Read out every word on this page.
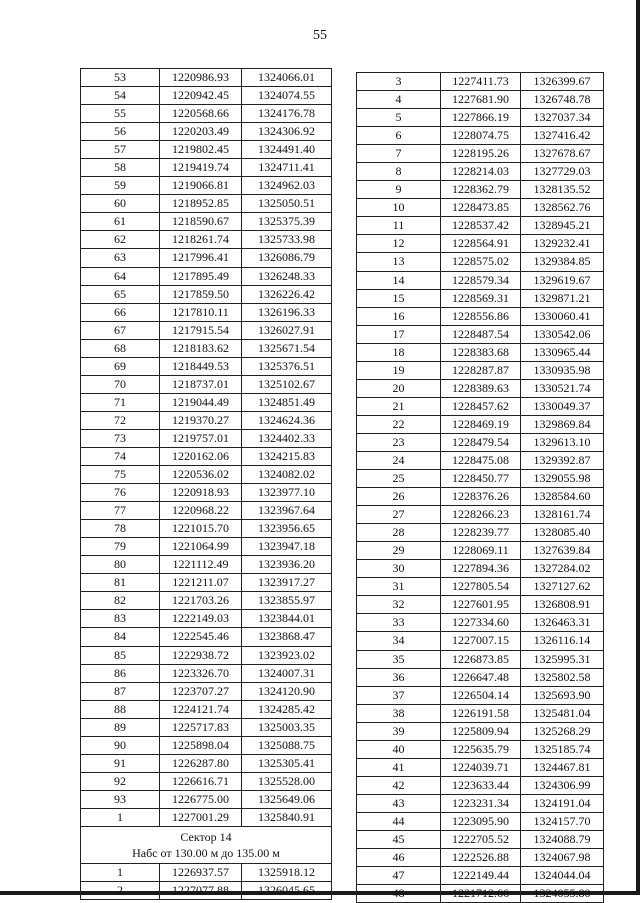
55
53	1220986.93	1324066.01
54	1220942.45	1324074.55
55	1220568.66	1324176.78
56	1220203.49	1324306.92
57	1219802.45	1324491.40
58	1219419.74	1324711.41
59	1219066.81	1324962.03
60	1218952.85	1325050.51
61	1218590.67	1325375.39
62	1218261.74	1325733.98
63	1217996.41	1326086.79
64	1217895.49	1326248.33
65	1217859.50	1326226.42
66	1217810.11	1326196.33
67	1217915.54	1326027.91
68	1218183.62	1325671.54
69	1218449.53	1325376.51
70	1218737.01	1325102.67
71	1219044.49	1324851.49
72	1219370.27	1324624.36
73	1219757.01	1324402.33
74	1220162.06	1324215.83
75	1220536.02	1324082.02
76	1220918.93	1323977.10
77	1220968.22	1323967.64
78	1221015.70	1323956.65
79	1221064.99	1323947.18
80	1221112.49	1323936.20
81	1221211.07	1323917.27
82	1221703.26	1323855.97
83	1222149.03	1323844.01
84	1222545.46	1323868.47
85	1222938.72	1323923.02
86	1223326.70	1324007.31
87	1223707.27	1324120.90
88	1224121.74	1324285.42
89	1225717.83	1325003.35
90	1225898.04	1325088.75
91	1226287.80	1325305.41
92	1226616.71	1325528.00
93	1226775.00	1325649.06
1	1227001.29	1325840.91

Сектор 14
Набс от 130.00 м до 135.00 м		

1	1226937.57	1325918.12
2	1227077.88	1326045.65
3	1227411.73	1326399.67
4	1227681.90	1326748.78
5	1227866.19	1327037.34
6	1228074.75	1327416.42
7	1228195.26	1327678.67
8	1228214.03	1327729.03
9	1228362.79	1328135.52
10	1228473.85	1328562.76
11	1228537.42	1328945.21
12	1228564.91	1329232.41
13	1228575.02	1329384.85
14	1228579.34	1329619.67
15	1228569.31	1329871.21
16	1228556.86	1330060.41
17	1228487.54	1330542.06
18	1228383.68	1330965.44
19	1228287.87	1330935.98
20	1228389.63	1330521.74
21	1228457.62	1330049.37
22	1228469.19	1329869.84
23	1228479.54	1329613.10
24	1228475.08	1329392.87
25	1228450.77	1329055.98
26	1228376.26	1328584.60
27	1228266.23	1328161.74
28	1228239.77	1328085.40
29	1228069.11	1327639.84
30	1227894.36	1327284.02
31	1227805.54	1327127.62
32	1227601.95	1326808.91
33	1227334.60	1326463.31
34	1227007.15	1326116.14
35	1226873.85	1325995.31
36	1226647.48	1325802.58
37	1226504.14	1325693.90
38	1226191.58	1325481.04
39	1225809.94	1325268.29
40	1225635.79	1325185.74
41	1224039.71	1324467.81
42	1223633.44	1324306.99
43	1223231.34	1324191.04
44	1223095.90	1324157.70
45	1222705.52	1324088.79
46	1222526.88	1324067.98
47	1222149.44	1324044.04
48	1221712.66	1324055.80
